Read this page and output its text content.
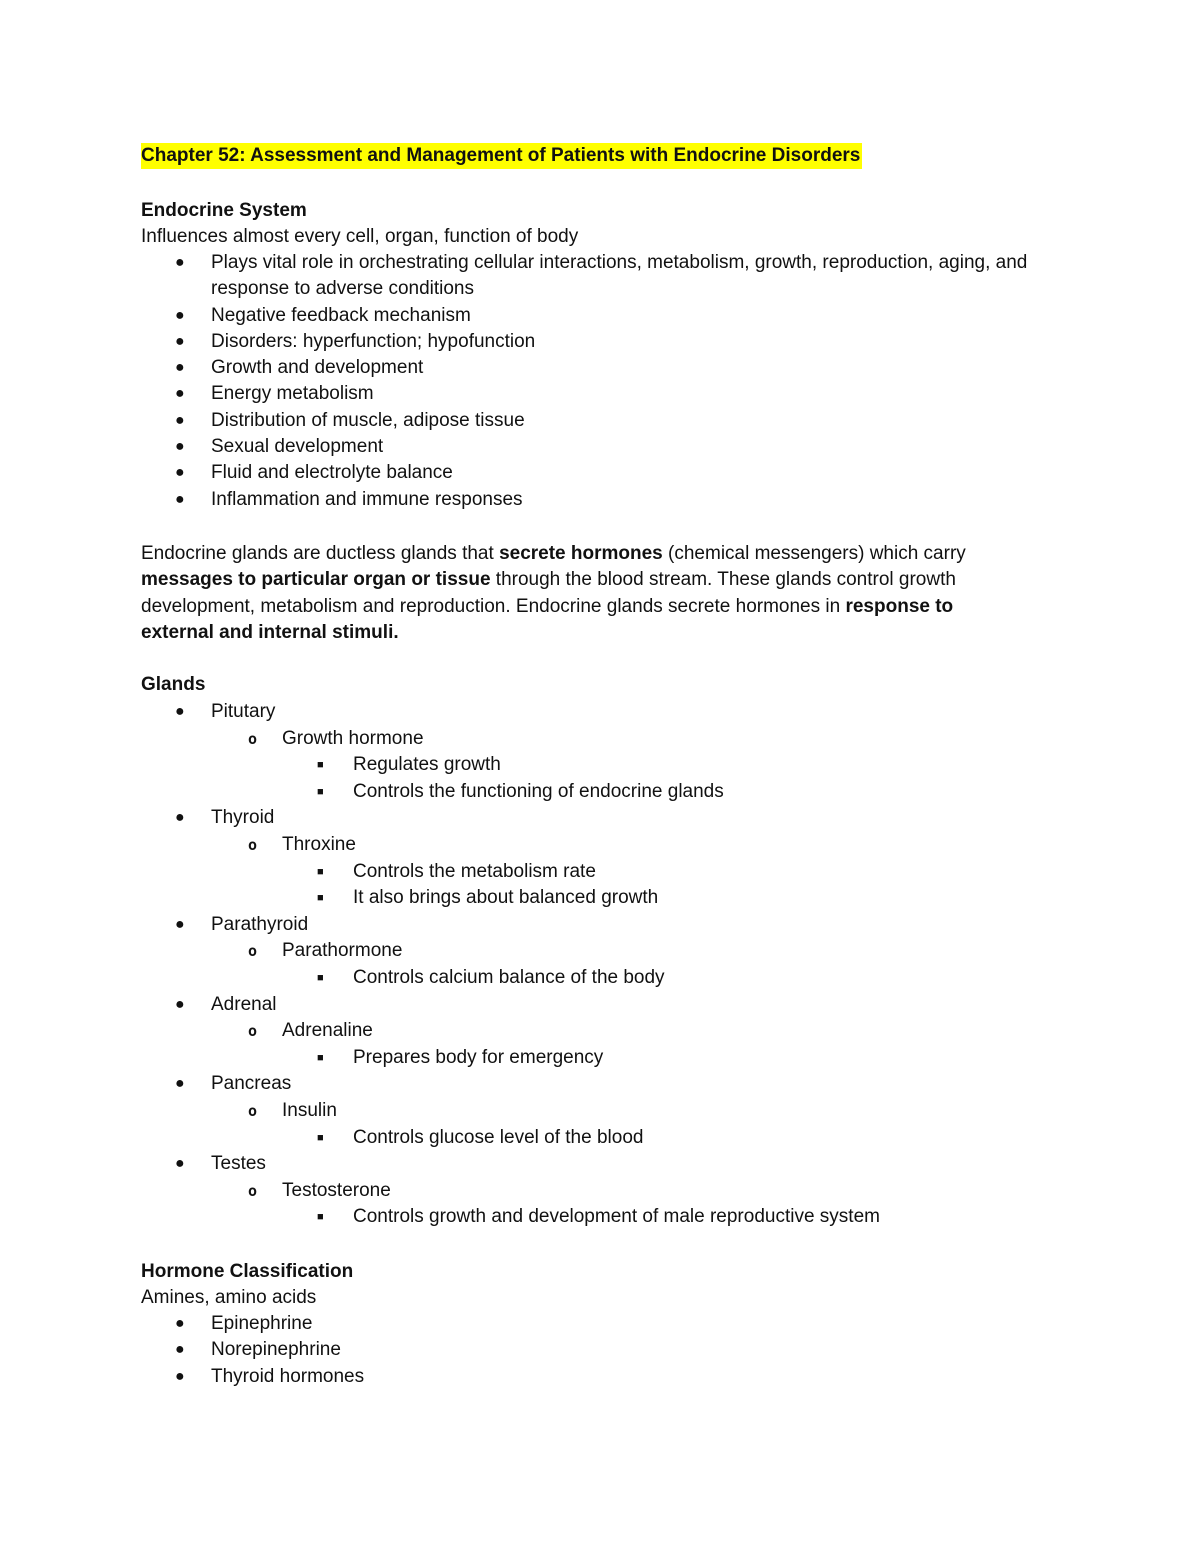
Chapter 52: Assessment and Management of Patients with Endocrine Disorders
Endocrine System
Influences almost every cell, organ, function of body
● Plays vital role in orchestrating cellular interactions, metabolism, growth, reproduction, aging, and response to adverse conditions
● Negative feedback mechanism
● Disorders: hyperfunction; hypofunction
● Growth and development
● Energy metabolism
● Distribution of muscle, adipose tissue
● Sexual development
● Fluid and electrolyte balance
● Inflammation and immune responses
Endocrine glands are ductless glands that secrete hormones (chemical messengers) which carry messages to particular organ or tissue through the blood stream. These glands control growth development, metabolism and reproduction. Endocrine glands secrete hormones in response to external and internal stimuli.
Glands
● Pitutary
o Growth hormone
■ Regulates growth
■ Controls the functioning of endocrine glands
● Thyroid
o Throxine
■ Controls the metabolism rate
■ It also brings about balanced growth
● Parathyroid
o Parathormone
■ Controls calcium balance of the body
● Adrenal
o Adrenaline
■ Prepares body for emergency
● Pancreas
o Insulin
■ Controls glucose level of the blood
● Testes
o Testosterone
■ Controls growth and development of male reproductive system
Hormone Classification
Amines, amino acids
● Epinephrine
● Norepinephrine
● Thyroid hormones
